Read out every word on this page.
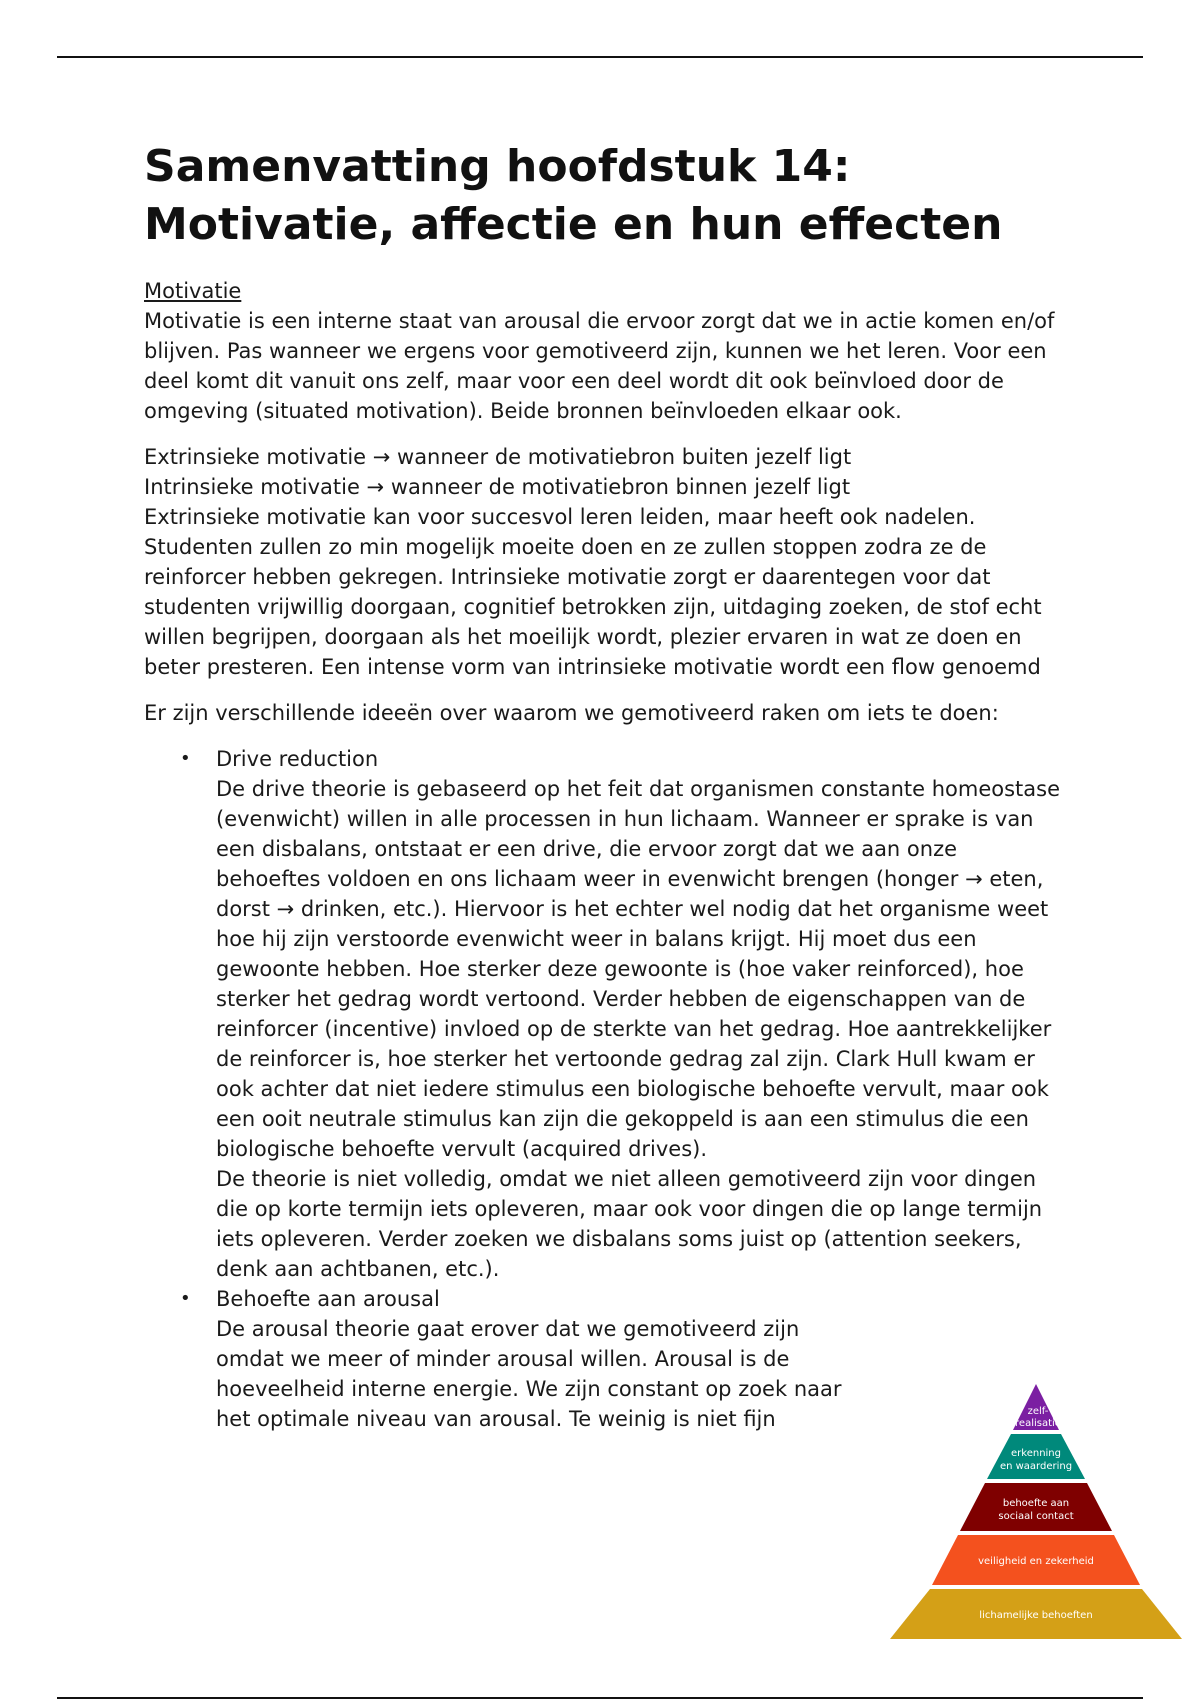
Samenvatting hoofdstuk 14:
Motivatie, affectie en hun effecten
Motivatie

Motivatie is een interne staat van arousal die ervoor zorgt dat we in actie komen en/of blijven. Pas wanneer we ergens voor gemotiveerd zijn, kunnen we het leren. Voor een deel komt dit vanuit ons zelf, maar voor een deel wordt dit ook beïnvloed door de omgeving (situated motivation). Beide bronnen beïnvloeden elkaar ook.

Extrinsieke motivatie → wanneer de motivatiebron buiten jezelf ligt
Intrinsieke motivatie → wanneer de motivatiebron binnen jezelf ligt
Extrinsieke motivatie kan voor succesvol leren leiden, maar heeft ook nadelen. Studenten zullen zo min mogelijk moeite doen en ze zullen stoppen zodra ze de reinforcer hebben gekregen. Intrinsieke motivatie zorgt er daarentegen voor dat studenten vrijwillig doorgaan, cognitief betrokken zijn, uitdaging zoeken, de stof echt willen begrijpen, doorgaan als het moeilijk wordt, plezier ervaren in wat ze doen en beter presteren. Een intense vorm van intrinsieke motivatie wordt een flow genoemd

Er zijn verschillende ideeën over waarom we gemotiveerd raken om iets te doen:

• Drive reduction
De drive theorie is gebaseerd op het feit dat organismen constante homeostase (evenwicht) willen in alle processen in hun lichaam. Wanneer er sprake is van een disbalans, ontstaat er een drive, die ervoor zorgt dat we aan onze behoeftes voldoen en ons lichaam weer in evenwicht brengen (honger → eten, dorst → drinken, etc.). Hiervoor is het echter wel nodig dat het organisme weet hoe hij zijn verstoorde evenwicht weer in balans krijgt. Hij moet dus een gewoonte hebben. Hoe sterker deze gewoonte is (hoe vaker reinforced), hoe sterker het gedrag wordt vertoond. Verder hebben de eigenschappen van de reinforcer (incentive) invloed op de sterkte van het gedrag. Hoe aantrekkelijker de reinforcer is, hoe sterker het vertoonde gedrag zal zijn. Clark Hull kwam er ook achter dat niet iedere stimulus een biologische behoefte vervult, maar ook een ooit neutrale stimulus kan zijn die gekoppeld is aan een stimulus die een biologische behoefte vervult (acquired drives).
De theorie is niet volledig, omdat we niet alleen gemotiveerd zijn voor dingen die op korte termijn iets opleveren, maar ook voor dingen die op lange termijn iets opleveren. Verder zoeken we disbalans soms juist op (attention seekers, denk aan achtbanen, etc.).
• Behoefte aan arousal
De arousal theorie gaat erover dat we gemotiveerd zijn omdat we meer of minder arousal willen. Arousal is de hoeveelheid interne energie. We zijn constant op zoek naar het optimale niveau van arousal. Te weinig is niet fijn	zelf-
realisatie
erkenning
en waardering
behoefte aan
sociaal contact
veiligheid en zekerheid
lichamelijke behoeften
